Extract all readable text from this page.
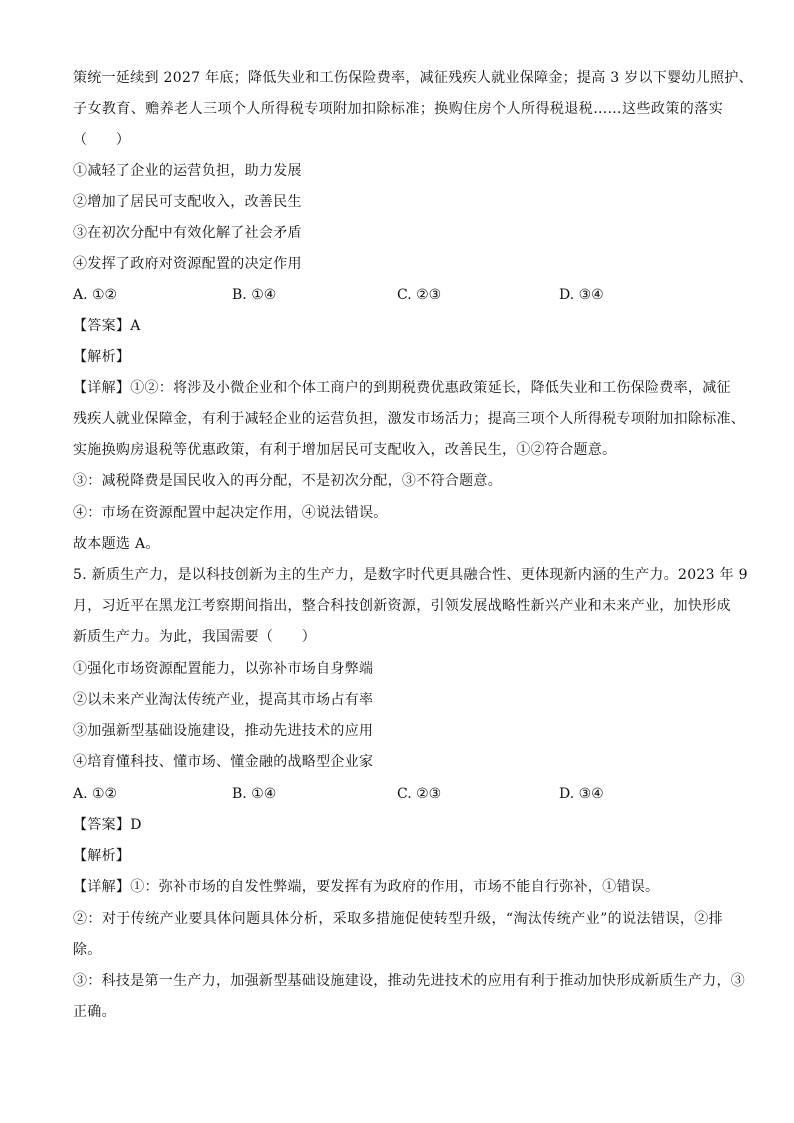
策统一延续到 2027 年底；降低失业和工伤保险费率，减征残疾人就业保障金；提高 3 岁以下婴幼儿照护、
子女教育、赡养老人三项个人所得税专项附加扣除标准；换购住房个人所得税退税……这些政策的落实
（　　）
①减轻了企业的运营负担，助力发展
②增加了居民可支配收入，改善民生
③在初次分配中有效化解了社会矛盾
④发挥了政府对资源配置的决定作用
A. ①②	B. ①④	C. ②③	D. ③④
【答案】A
【解析】
【详解】①②：将涉及小微企业和个体工商户的到期税费优惠政策延长，降低失业和工伤保险费率，减征
残疾人就业保障金，有利于减轻企业的运营负担，激发市场活力；提高三项个人所得税专项附加扣除标准、
实施换购房退税等优惠政策，有利于增加居民可支配收入，改善民生，①②符合题意。
③：减税降费是国民收入的再分配，不是初次分配，③不符合题意。
④：市场在资源配置中起决定作用，④说法错误。
故本题选 A。
5. 新质生产力，是以科技创新为主的生产力，是数字时代更具融合性、更体现新内涵的生产力。2023 年 9
月，习近平在黑龙江考察期间指出，整合科技创新资源，引领发展战略性新兴产业和未来产业，加快形成
新质生产力。为此，我国需要（　　）
①强化市场资源配置能力，以弥补市场自身弊端
②以未来产业淘汰传统产业，提高其市场占有率
③加强新型基础设施建设，推动先进技术的应用
④培育懂科技、懂市场、懂金融的战略型企业家
A. ①②	B. ①④	C. ②③	D. ③④
【答案】D
【解析】
【详解】①：弥补市场的自发性弊端，要发挥有为政府的作用，市场不能自行弥补，①错误。
②：对于传统产业要具体问题具体分析，采取多措施促使转型升级，“淘汰传统产业”的说法错误，②排
除。
③：科技是第一生产力，加强新型基础设施建设，推动先进技术的应用有利于推动加快形成新质生产力，③
正确。
